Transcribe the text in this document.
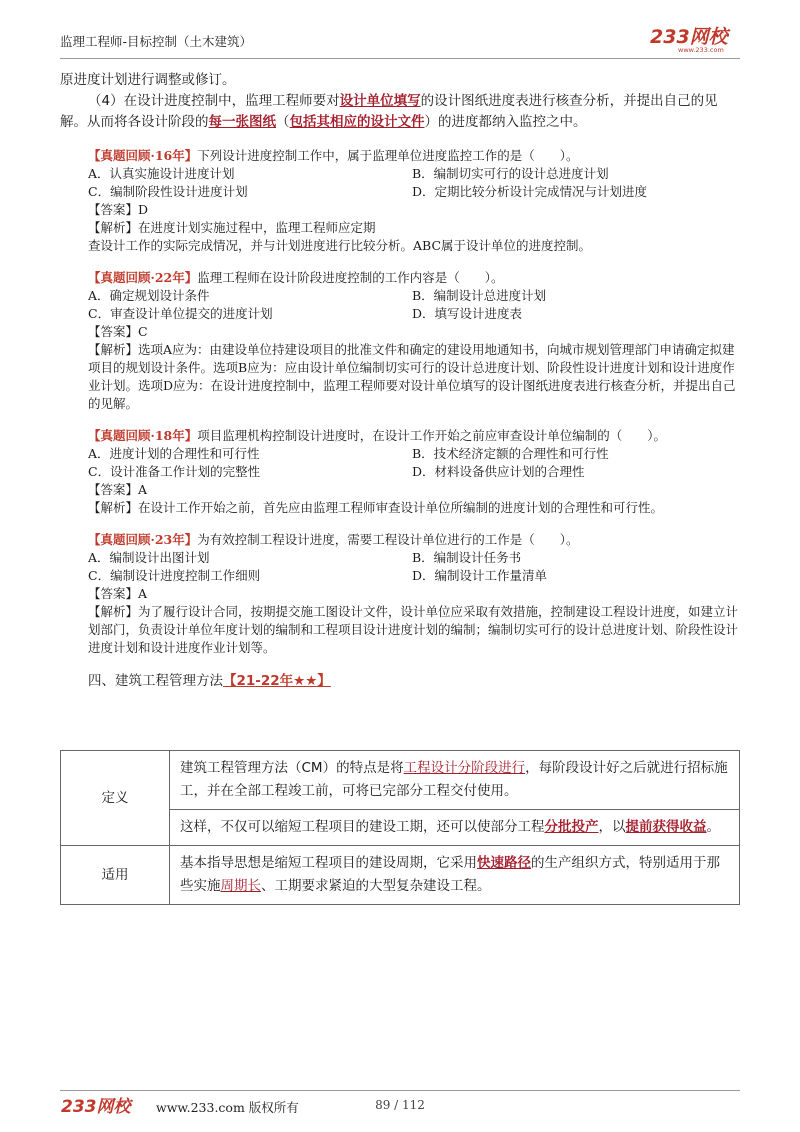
监理工程师-目标控制（土木建筑）	233网校
www.233.com

原进度计划进行调整或修订。

（4）在设计进度控制中，监理工程师要对设计单位填写的设计图纸进度表进行核查分析，并提出自己的见解。从而将各设计阶段的每一张图纸（包括其相应的设计文件）的进度都纳入监控之中。

【真题回顾·16年】下列设计进度控制工作中，属于监理单位进度监控工作的是（　　）。

A．认真实施设计进度计划	B．编制切实可行的设计总进度计划
C．编制阶段性设计进度计划	D．定期比较分析设计完成情况与计划进度

【答案】D

【解析】在进度计划实施过程中，监理工程师应定期

查设计工作的实际完成情况，并与计划进度进行比较分析。ABC属于设计单位的进度控制。

【真题回顾·22年】监理工程师在设计阶段进度控制的工作内容是（　　）。

A．确定规划设计条件	B．编制设计总进度计划
C．审查设计单位提交的进度计划	D．填写设计进度表

【答案】C

【解析】选项A应为：由建设单位持建设项目的批准文件和确定的建设用地通知书，向城市规划管理部门申请确定拟建项目的规划设计条件。选项B应为：应由设计单位编制切实可行的设计总进度计划、阶段性设计进度计划和设计进度作业计划。选项D应为：在设计进度控制中，监理工程师要对设计单位填写的设计图纸进度表进行核查分析，并提出自己的见解。

【真题回顾·18年】项目监理机构控制设计进度时，在设计工作开始之前应审查设计单位编制的（　　）。

A．进度计划的合理性和可行性	B．技术经济定额的合理性和可行性
C．设计准备工作计划的完整性	D．材料设备供应计划的合理性

【答案】A

【解析】在设计工作开始之前，首先应由监理工程师审查设计单位所编制的进度计划的合理性和可行性。

【真题回顾·23年】为有效控制工程设计进度，需要工程设计单位进行的工作是（　　）。

A．编制设计出图计划	B．编制设计任务书
C．编制设计进度控制工作细则	D．编制设计工作量清单

【答案】A

【解析】为了履行设计合同，按期提交施工图设计文件，设计单位应采取有效措施，控制建设工程设计进度，如建立计划部门，负责设计单位年度计划的编制和工程项目设计进度计划的编制；编制切实可行的设计总进度计划、阶段性设计进度计划和设计进度作业计划等。

四、建筑工程管理方法【21-22年★★】

定义	建筑工程管理方法（CM）的特点是将工程设计分阶段进行，每阶段设计好之后就进行招标施工，并在全部工程竣工前，可将已完部分工程交付使用。
	这样，不仅可以缩短工程项目的建设工期，还可以使部分工程分批投产，以提前获得收益。
适用	基本指导思想是缩短工程项目的建设周期，它采用快速路径的生产组织方式，特别适用于那些实施周期长、工期要求紧迫的大型复杂建设工程。
233网校 www.233.com 版权所有	89 / 112
